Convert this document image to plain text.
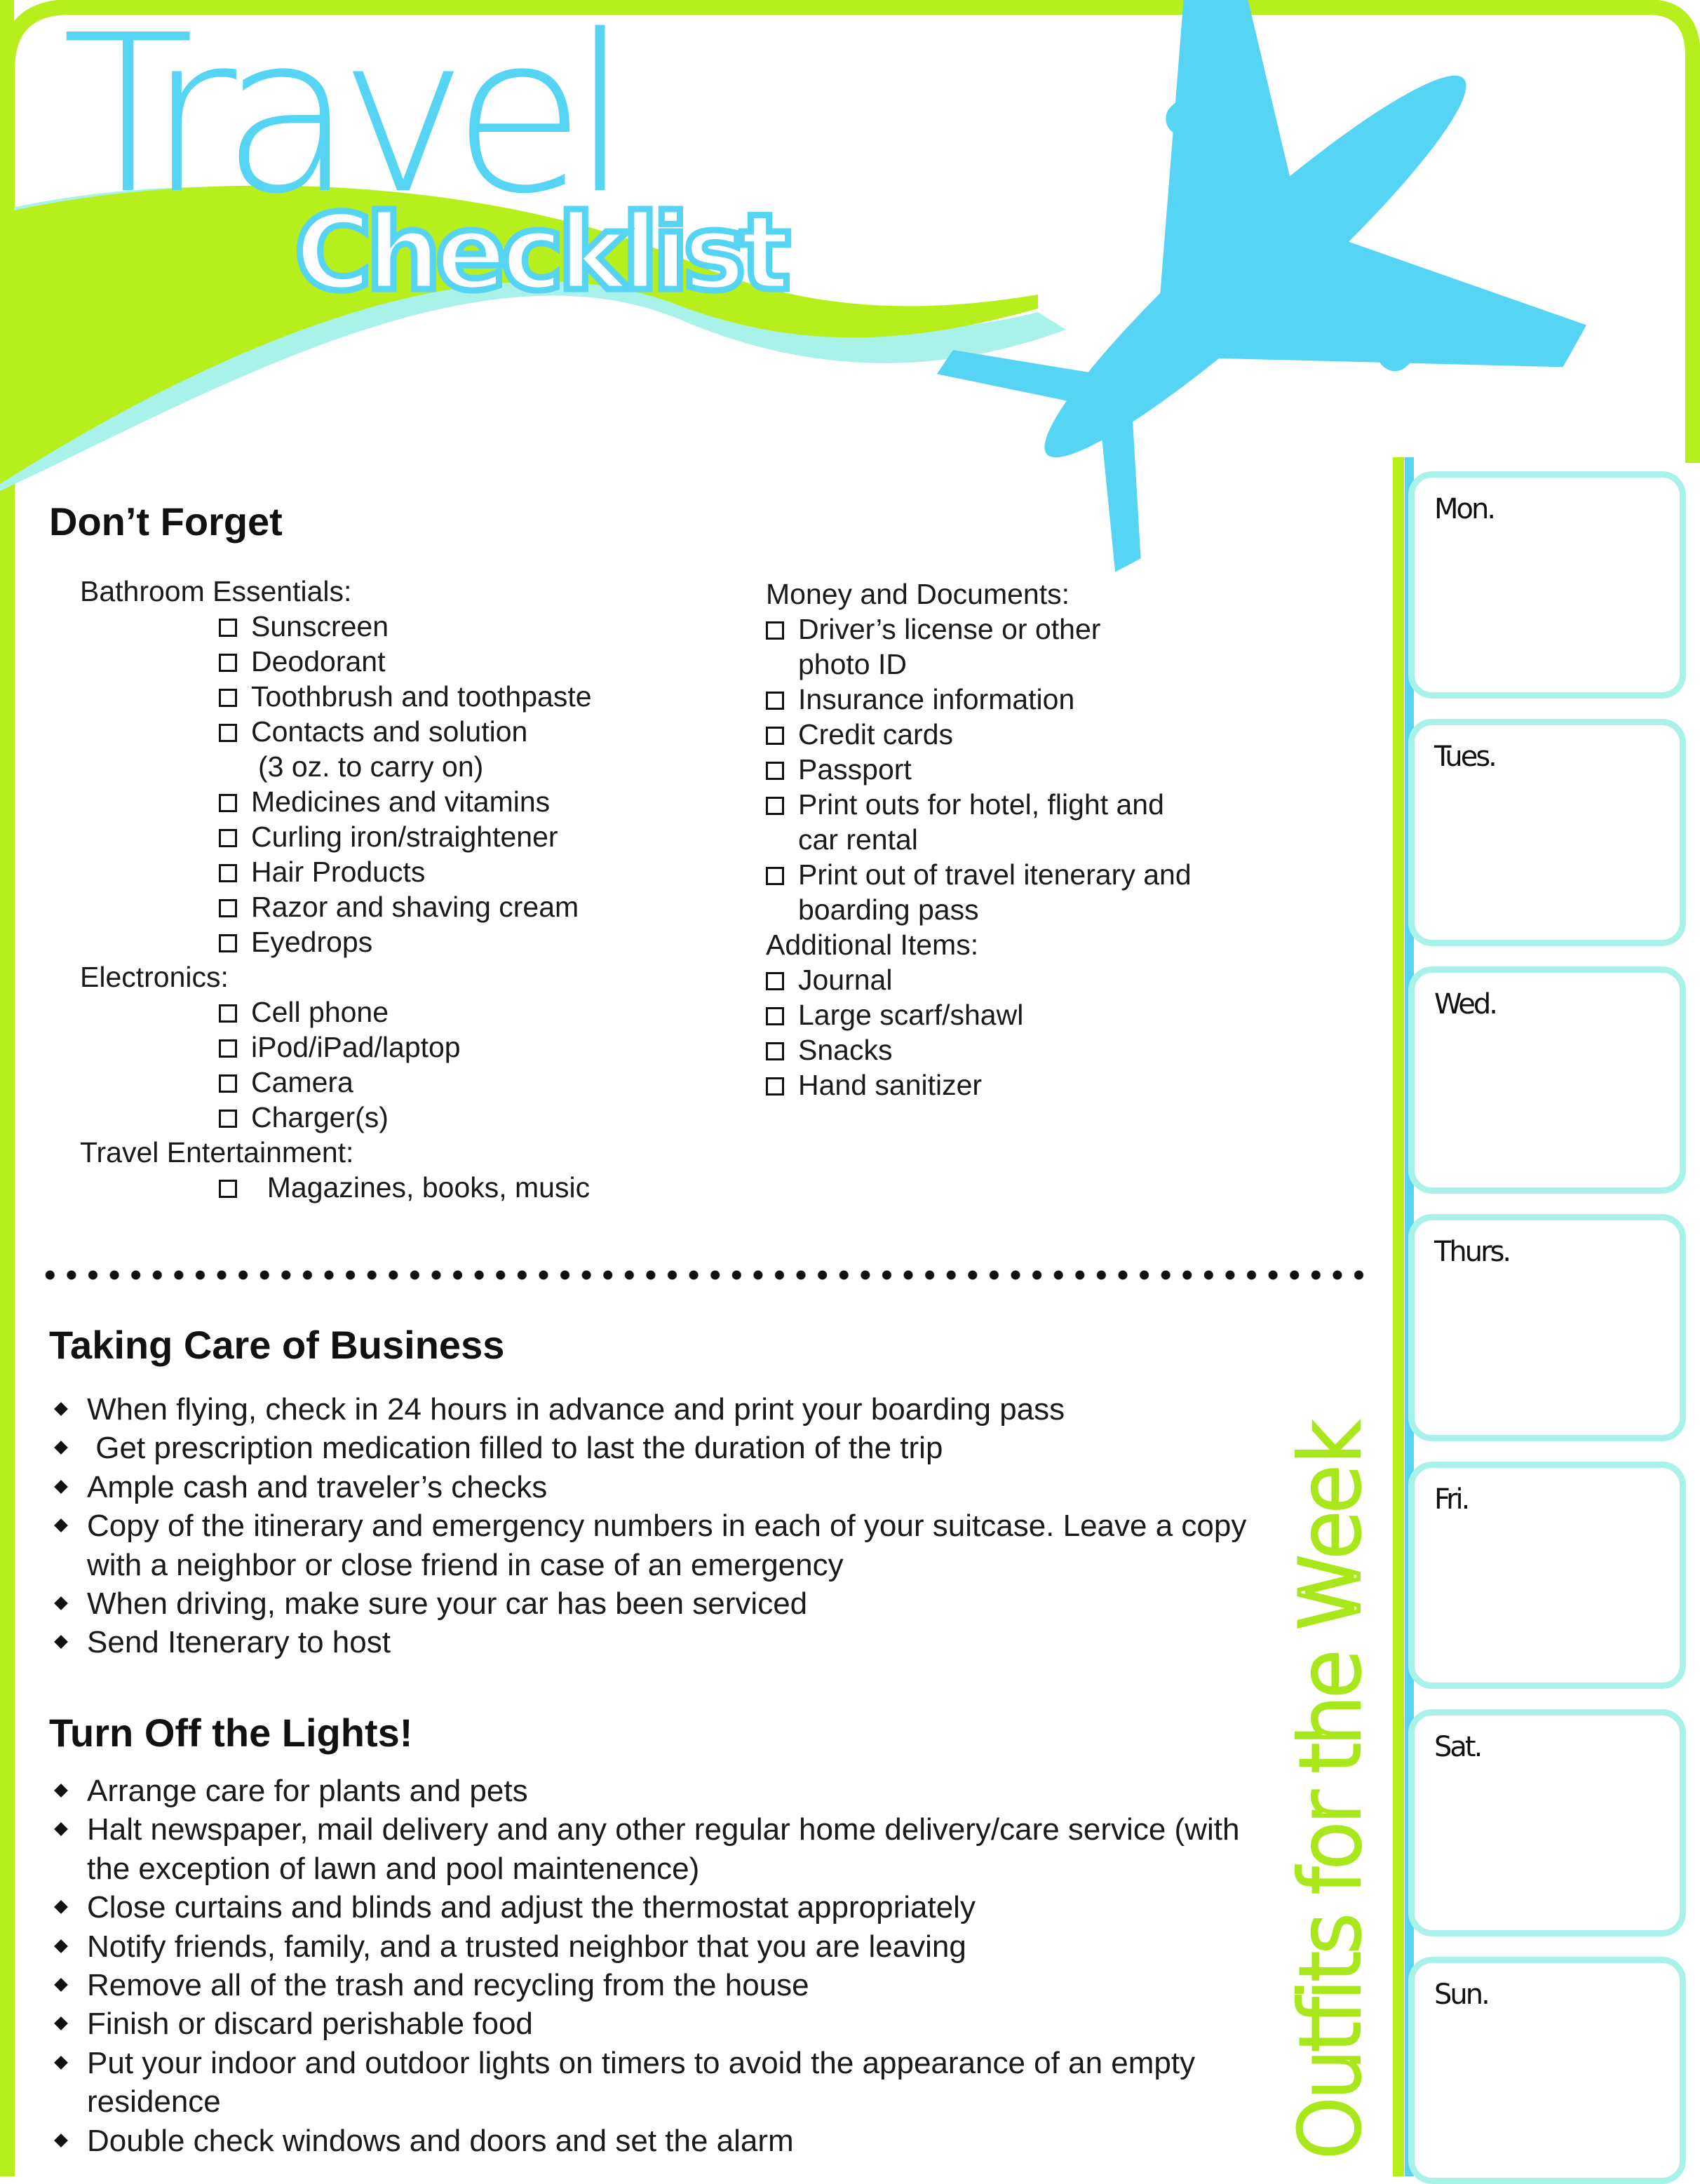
Travel
Checklist
Don’t Forget
Bathroom Essentials:
Sunscreen
Deodorant
Toothbrush and toothpaste
Contacts and solution
(3 oz. to carry on)
Medicines and vitamins
Curling iron/straightener
Hair Products
Razor and shaving cream
Eyedrops
Electronics:
Cell phone
iPod/iPad/laptop
Camera
Charger(s)
Travel Entertainment:
Magazines, books, music
Money and Documents:
Driver’s license or other
photo ID
Insurance information
Credit cards
Passport
Print outs for hotel, flight and
car rental
Print out of travel itenerary and
boarding pass
Additional Items:
Journal
Large scarf/shawl
Snacks
Hand sanitizer
Taking Care of Business
When flying, check in 24 hours in advance and print your boarding pass
Get prescription medication filled to last the duration of the trip
Ample cash and traveler’s checks
Copy of the itinerary and emergency numbers in each of your suitcase. Leave a copy with a neighbor or close friend in case of an emergency
When driving, make sure your car has been serviced
Send Itenerary to host
Turn Off the Lights!
Arrange care for plants and pets
Halt newspaper, mail delivery and any other regular home delivery/care service (with the exception of lawn and pool maintenence)
Close curtains and blinds and adjust the thermostat appropriately
Notify friends, family, and a trusted neighbor that you are leaving
Remove all of the trash and recycling from the house
Finish or discard perishable food
Put your indoor and outdoor lights on timers to avoid the appearance of an empty residence
Double check windows and doors and set the alarm	Outfits for the Week
Mon.
Tues.
Wed.
Thurs.
Fri.
Sat.
Sun.
